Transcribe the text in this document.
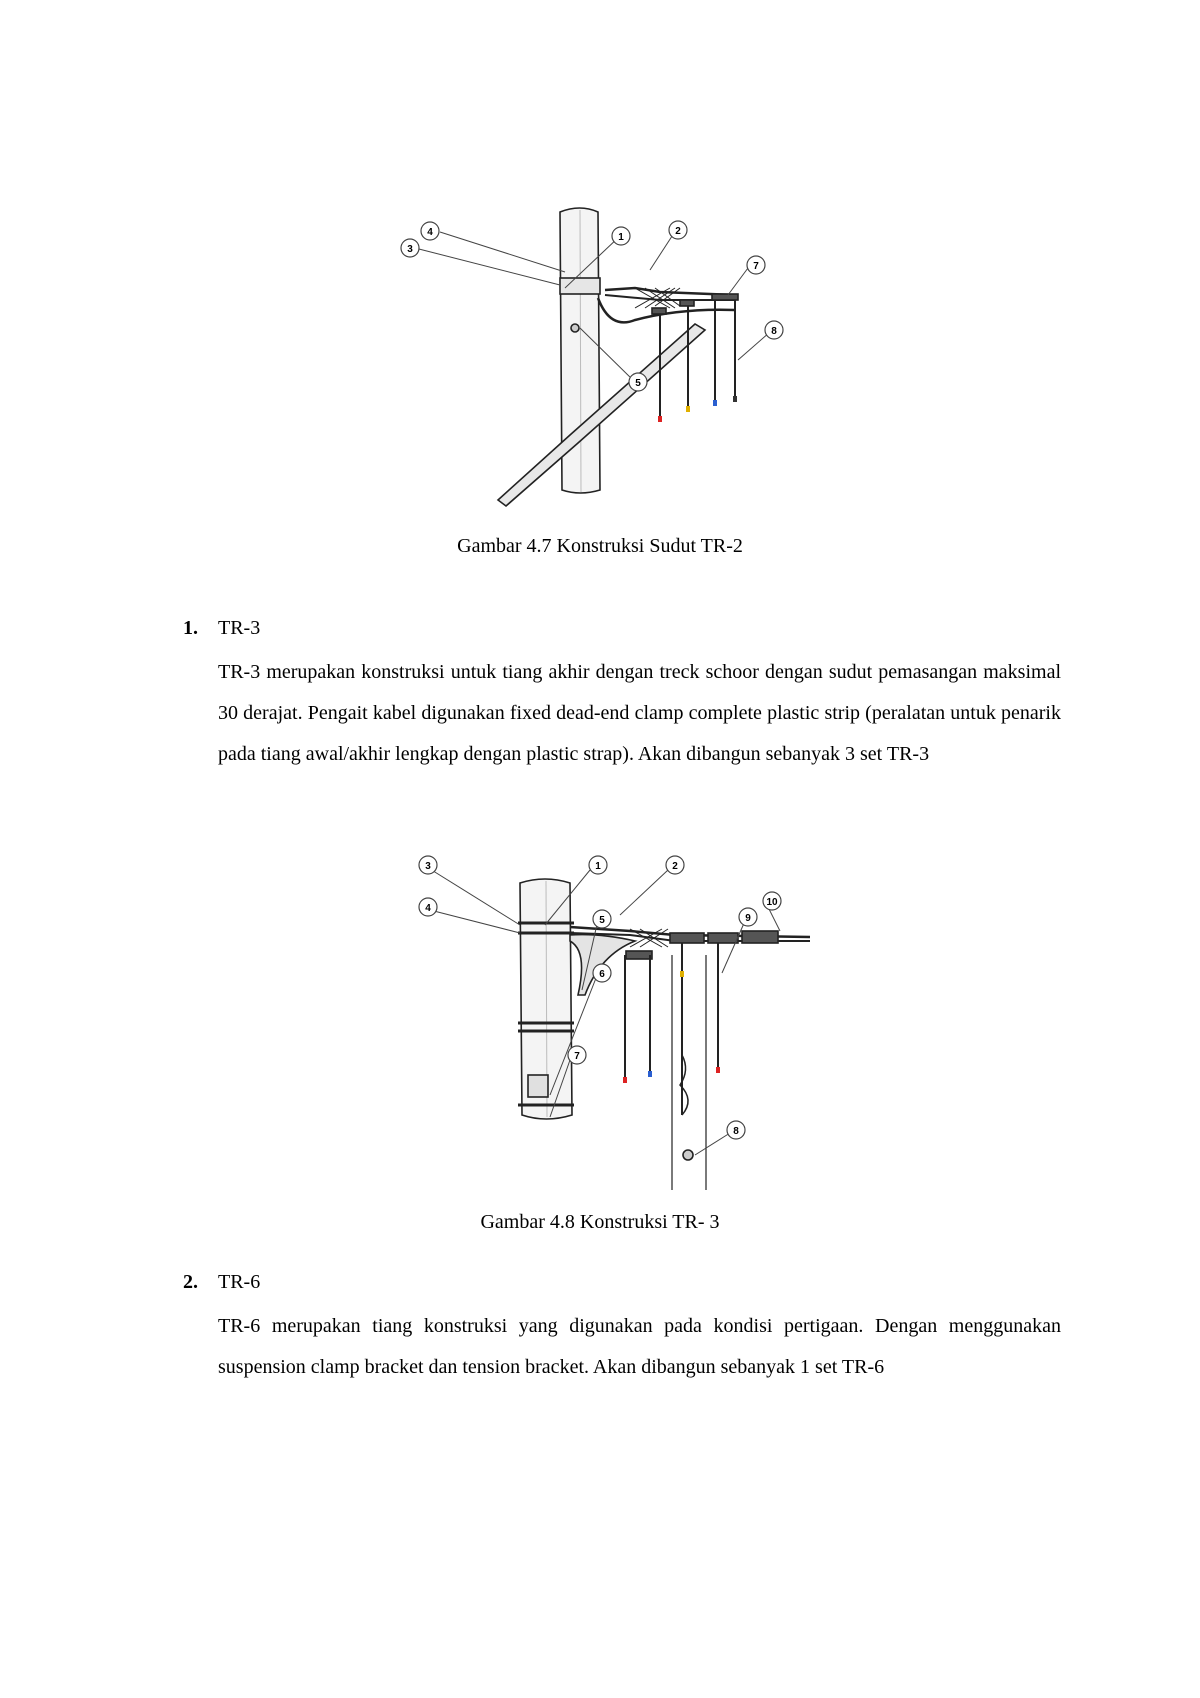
4
3
1
2
7
8
5
Gambar 4.7 Konstruksi Sudut TR-2
1. TR-3
TR-3 merupakan konstruksi untuk tiang akhir dengan treck schoor dengan sudut pemasangan maksimal 30 derajat. Pengait kabel digunakan fixed dead-end clamp complete plastic strip (peralatan untuk penarik pada tiang awal/akhir lengkap dengan plastic strap). Akan dibangun sebanyak 3 set TR-3
3
4
1	2
10
9
5
6
7
8
Gambar 4.8 Konstruksi TR- 3
2. TR-6
TR-6 merupakan tiang konstruksi yang digunakan pada kondisi pertigaan. Dengan menggunakan suspension clamp bracket dan tension bracket. Akan dibangun sebanyak 1 set TR-6
